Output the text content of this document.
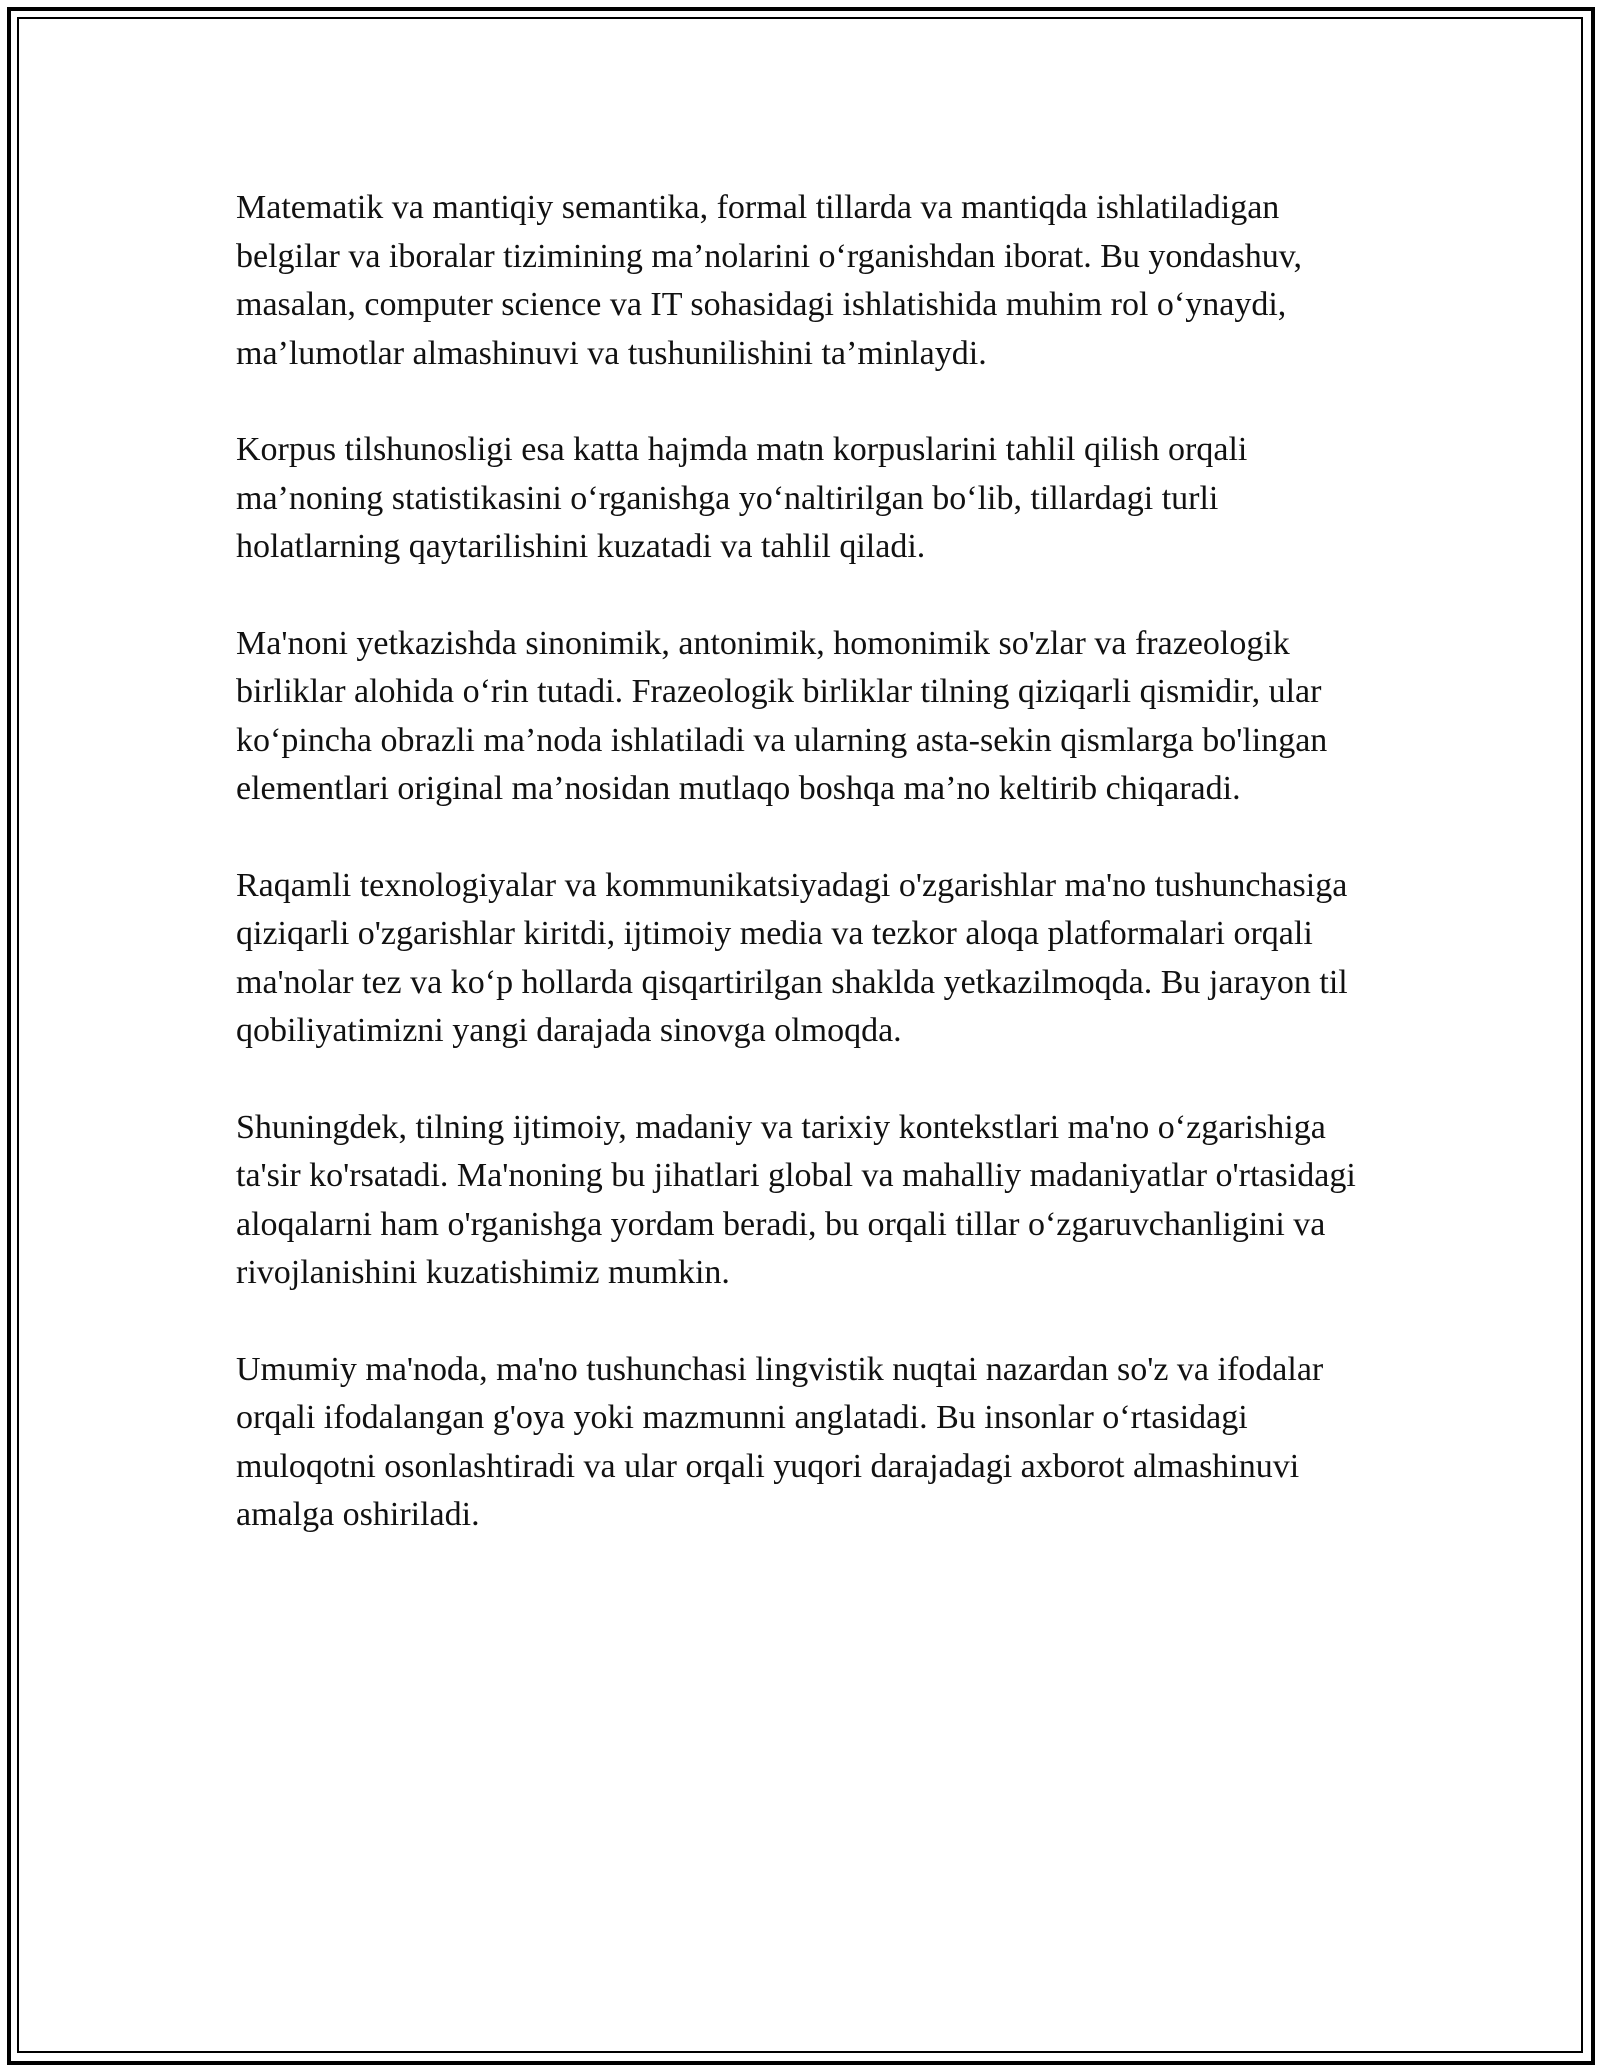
Matematik va mantiqiy semantika, formal tillarda va mantiqda ishlatiladigan belgilar va iboralar tizimining ma’nolarini o‘rganishdan iborat. Bu yondashuv, masalan, computer science va IT sohasidagi ishlatishida muhim rol o‘ynaydi, ma’lumotlar almashinuvi va tushunilishini ta’minlaydi.

Korpus tilshunosligi esa katta hajmda matn korpuslarini tahlil qilish orqali ma’noning statistikasini o‘rganishga yo‘naltirilgan bo‘lib, tillardagi turli holatlarning qaytarilishini kuzatadi va tahlil qiladi.

Ma'noni yetkazishda sinonimik, antonimik, homonimik so'zlar va frazeologik birliklar alohida o‘rin tutadi. Frazeologik birliklar tilning qiziqarli qismidir, ular ko‘pincha obrazli ma’noda ishlatiladi va ularning asta-sekin qismlarga bo'lingan elementlari original ma’nosidan mutlaqo boshqa ma’no keltirib chiqaradi.

Raqamli texnologiyalar va kommunikatsiyadagi o'zgarishlar ma'no tushunchasiga qiziqarli o'zgarishlar kiritdi, ijtimoiy media va tezkor aloqa platformalari orqali ma'nolar tez va ko‘p hollarda qisqartirilgan shaklda yetkazilmoqda. Bu jarayon til qobiliyatimizni yangi darajada sinovga olmoqda.

Shuningdek, tilning ijtimoiy, madaniy va tarixiy kontekstlari ma'no o‘zgarishiga ta'sir ko'rsatadi. Ma'noning bu jihatlari global va mahalliy madaniyatlar o'rtasidagi aloqalarni ham o'rganishga yordam beradi, bu orqali tillar o‘zgaruvchanligini va rivojlanishini kuzatishimiz mumkin.

Umumiy ma'noda, ma'no tushunchasi lingvistik nuqtai nazardan so'z va ifodalar orqali ifodalangan g'oya yoki mazmunni anglatadi. Bu insonlar o‘rtasidagi muloqotni osonlashtiradi va ular orqali yuqori darajadagi axborot almashinuvi amalga oshiriladi.
